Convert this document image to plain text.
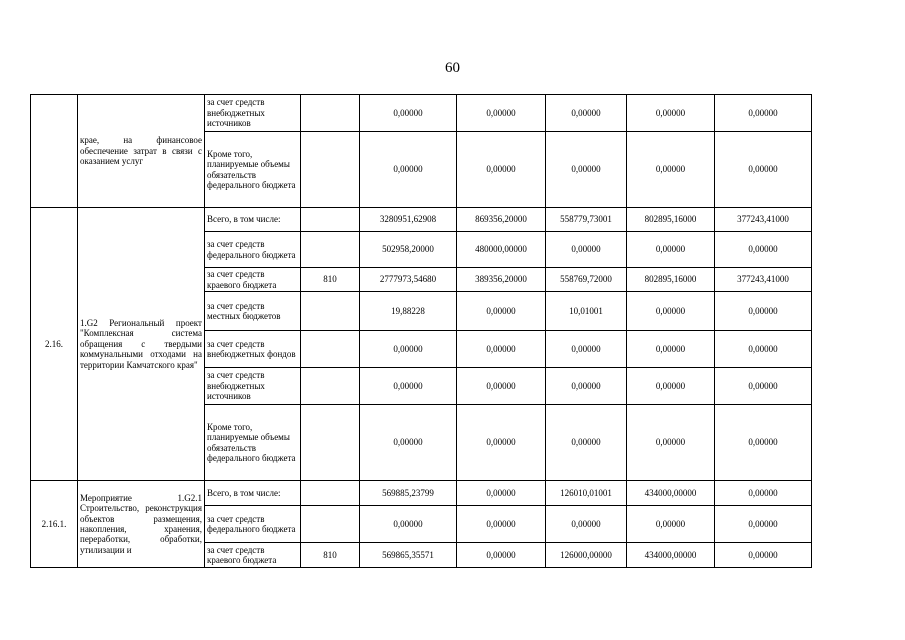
60
	крае, на финансовое обеспечение затрат в связи с оказанием услуг	за счет средств внебюджетных источников		0,00000	0,00000	0,00000	0,00000	0,00000
		Кроме того, планируемые объемы обязательств федерального бюджета		0,00000	0,00000	0,00000	0,00000	0,00000
2.16.	1.G2 Региональный проект "Комплексная система обращения с твердыми коммунальными отходами на территории Камчатского края"	Всего, в том числе:		3280951,62908	869356,20000	558779,73001	802895,16000	377243,41000
		за счет средств федерального бюджета		502958,20000	480000,00000	0,00000	0,00000	0,00000
		за счет средств краевого бюджета	810	2777973,54680	389356,20000	558769,72000	802895,16000	377243,41000
		за счет средств местных бюджетов		19,88228	0,00000	10,01001	0,00000	0,00000
		за счет средств внебюджетных фондов		0,00000	0,00000	0,00000	0,00000	0,00000
		за счет средств внебюджетных источников		0,00000	0,00000	0,00000	0,00000	0,00000
		Кроме того, планируемые объемы обязательств федерального бюджета		0,00000	0,00000	0,00000	0,00000	0,00000
2.16.1.	Мероприятие 1.G2.1 Строительство, реконструкция объектов размещения, накопления, хранения, переработки, обработки, утилизации и	Всего, в том числе:		569885,23799	0,00000	126010,01001	434000,00000	0,00000
		за счет средств федерального бюджета		0,00000	0,00000	0,00000	0,00000	0,00000
		за счет средств краевого бюджета	810	569865,35571	0,00000	126000,00000	434000,00000	0,00000
